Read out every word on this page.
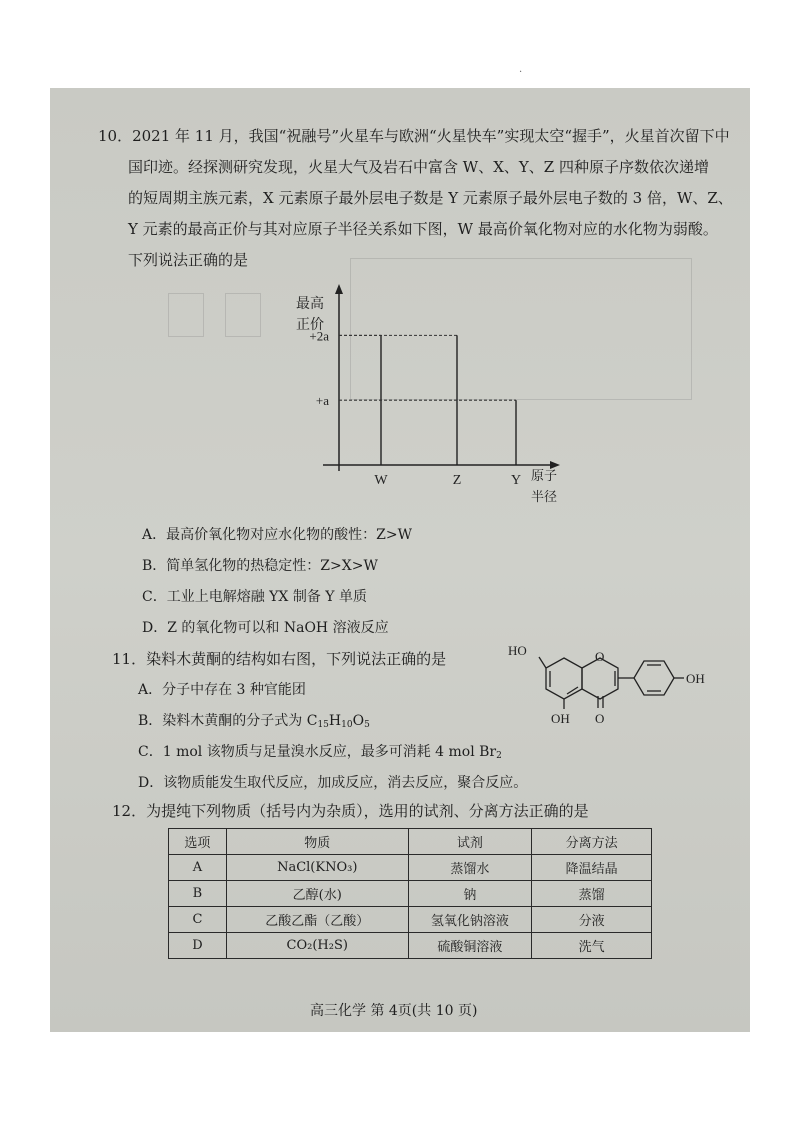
.
10．2021 年 11 月，我国“祝融号”火星车与欧洲“火星快车”实现太空“握手”，火星首次留下中
国印迹。经探测研究发现，火星大气及岩石中富含 W、X、Y、Z 四种原子序数依次递增
的短周期主族元素，X 元素原子最外层电子数是 Y 元素原子最外层电子数的 3 倍，W、Z、
Y 元素的最高正价与其对应原子半径关系如下图，W 最高价氧化物对应的水化物为弱酸。
下列说法正确的是
最高
正价
原子
半径
+a
+2a
W	Z	Y
A．最高价氧化物对应水化物的酸性：Z>W
B．简单氢化物的热稳定性：Z>X>W
C．工业上电解熔融 YX 制备 Y 单质
D．Z 的氧化物可以和 NaOH 溶液反应
11．染料木黄酮的结构如右图，下列说法正确的是
A．分子中存在 3 种官能团
B．染料木黄酮的分子式为 $C_{15}H_{10}O_5$
C．1 mol 该物质与足量溴水反应，最多可消耗 4 mol $Br_2$
D．该物质能发生取代反应，加成反应，消去反应，聚合反应。
HO	O
OH
OH O
12．为提纯下列物质（括号内为杂质），选用的试剂、分离方法正确的是
选项	物质	试剂	分离方法
A	NaCl(KNO₃)	蒸馏水	降温结晶
B	乙醇(水)	钠	蒸馏
C	乙酸乙酯（乙酸）	氢氧化钠溶液	分液
D	CO₂(H₂S)	硫酸铜溶液	洗气
高三化学 第 4页(共 10 页)
